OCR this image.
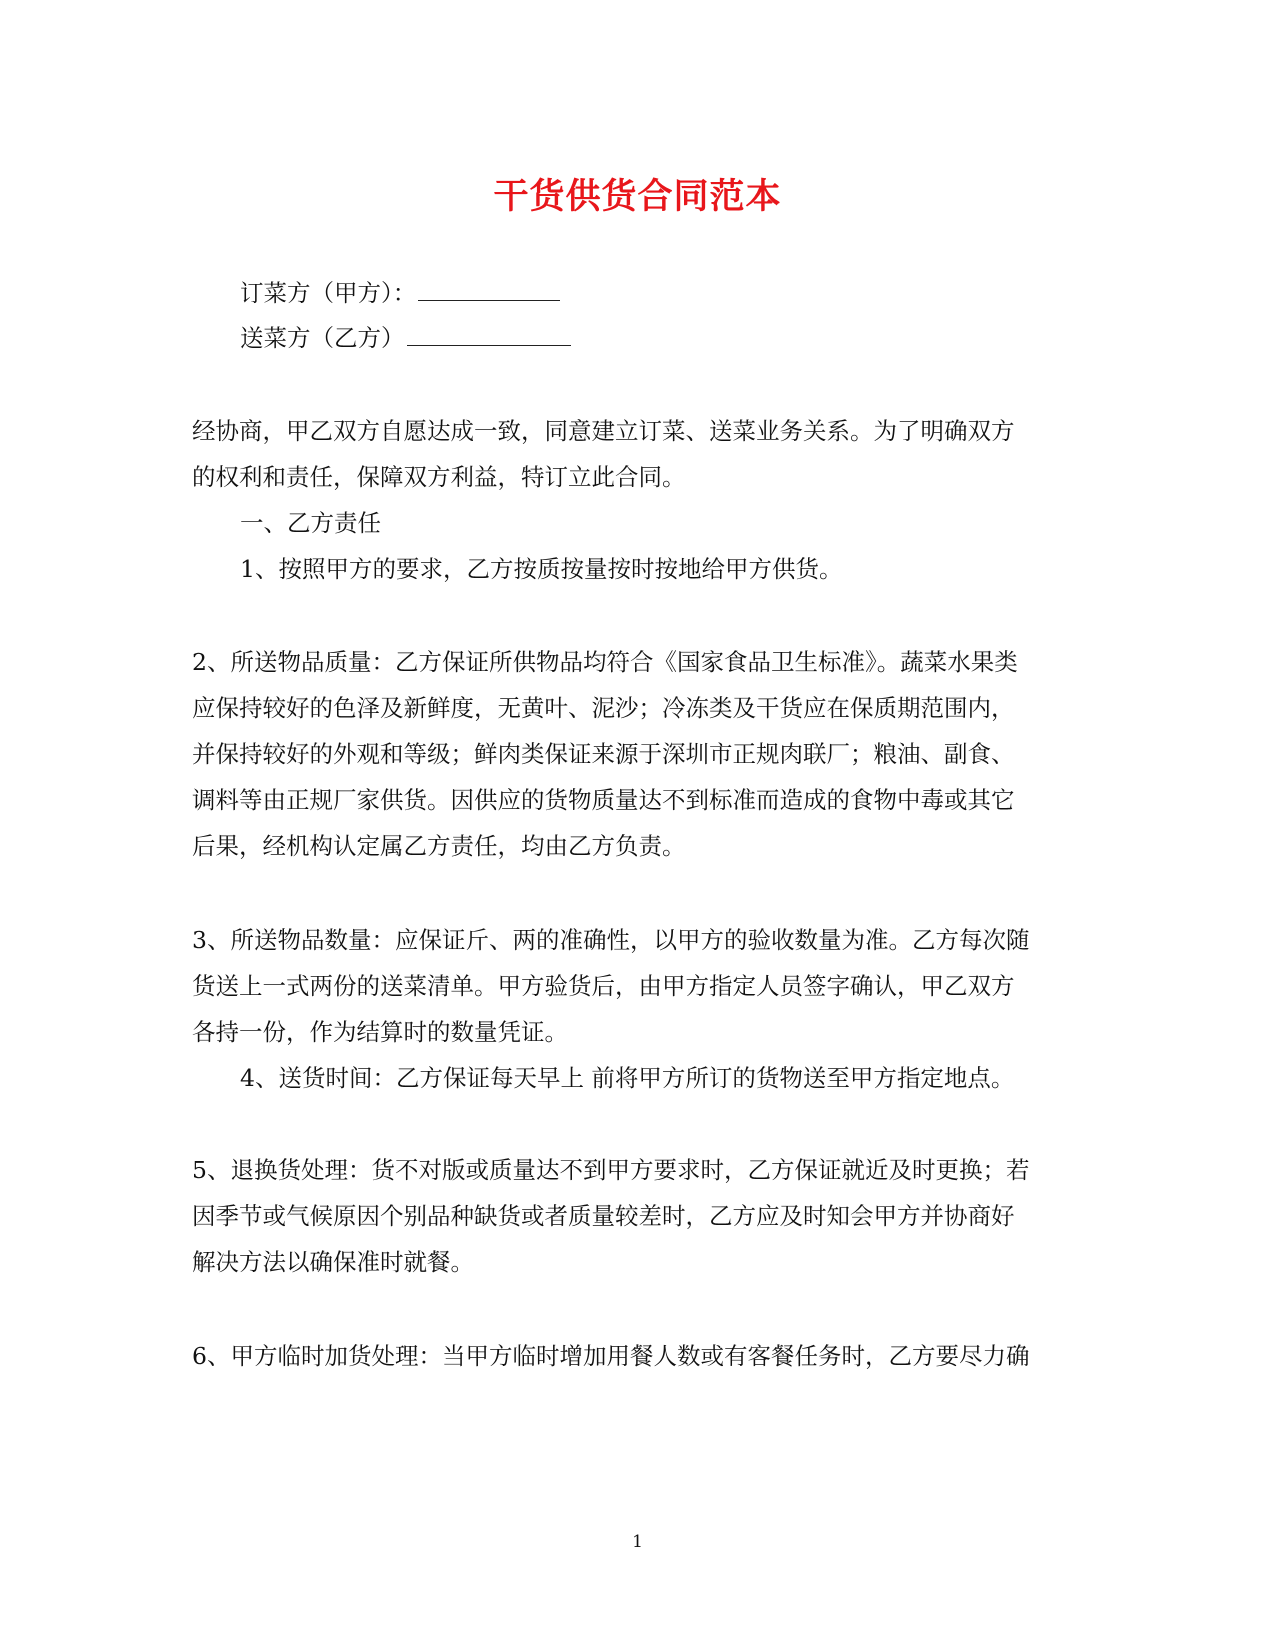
干货供货合同范本
订菜方（甲方）：
送菜方（乙方）
经协商，甲乙双方自愿达成一致，同意建立订菜、送菜业务关系。为了明确双方
的权利和责任，保障双方利益，特订立此合同。
一、乙方责任
1、按照甲方的要求，乙方按质按量按时按地给甲方供货。
2、所送物品质量：乙方保证所供物品均符合《国家食品卫生标准》。蔬菜水果类
应保持较好的色泽及新鲜度，无黄叶、泥沙；冷冻类及干货应在保质期范围内，
并保持较好的外观和等级；鲜肉类保证来源于深圳市正规肉联厂；粮油、副食、
调料等由正规厂家供货。因供应的货物质量达不到标准而造成的食物中毒或其它
后果，经机构认定属乙方责任，均由乙方负责。
3、所送物品数量：应保证斤、两的准确性，以甲方的验收数量为准。乙方每次随
货送上一式两份的送菜清单。甲方验货后，由甲方指定人员签字确认，甲乙双方
各持一份，作为结算时的数量凭证。
4、送货时间：乙方保证每天早上 前将甲方所订的货物送至甲方指定地点。
5、退换货处理：货不对版或质量达不到甲方要求时，乙方保证就近及时更换；若
因季节或气候原因个别品种缺货或者质量较差时，乙方应及时知会甲方并协商好
解决方法以确保准时就餐。
6、甲方临时加货处理：当甲方临时增加用餐人数或有客餐任务时，乙方要尽力确
1
